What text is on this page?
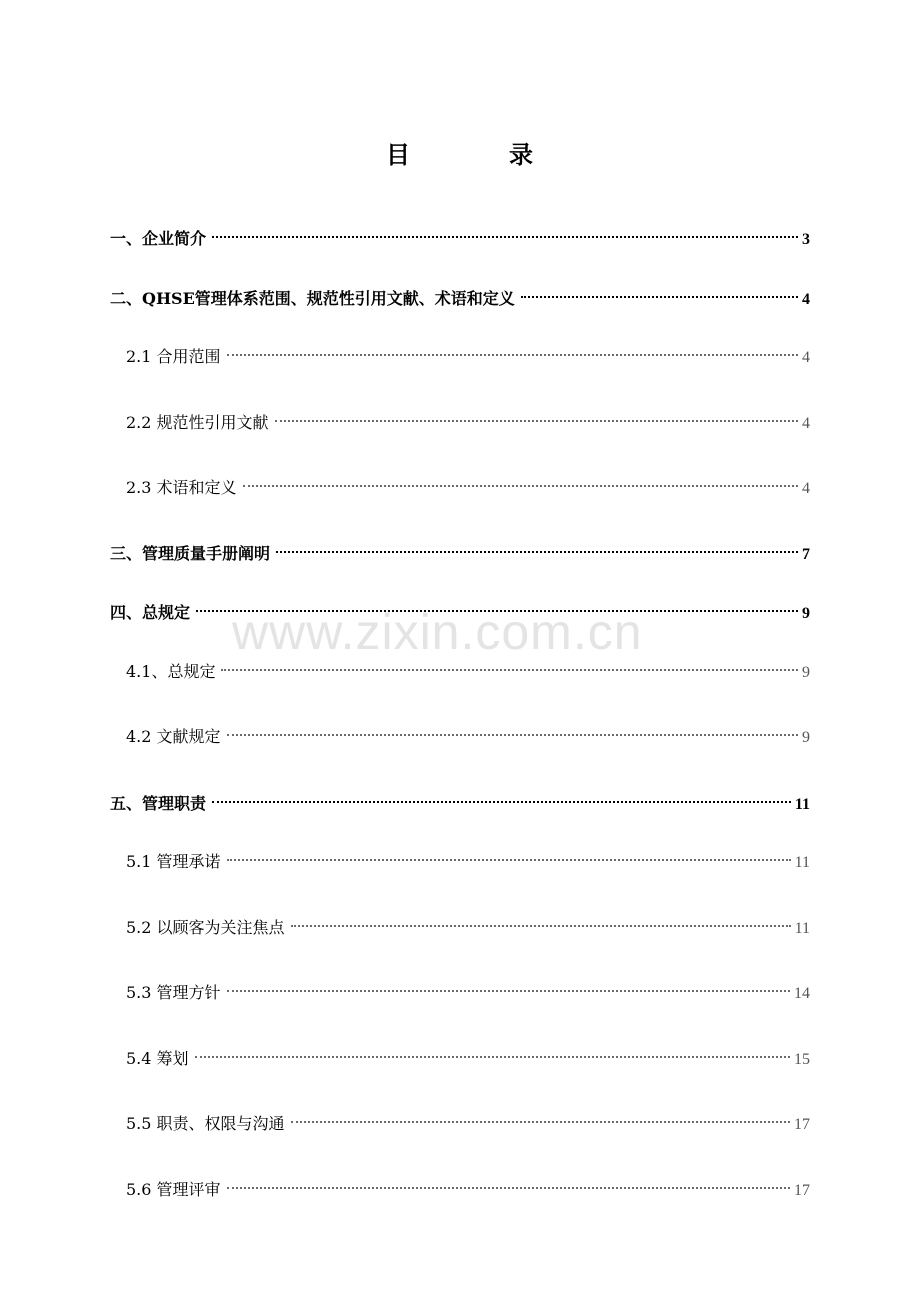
目	录
www.zixin.com.cn
一、企业简介	3
二、QHSE管理体系范围、规范性引用文献、术语和定义	4
2.1 合用范围	4
2.2 规范性引用文献	4
2.3 术语和定义	4
三、管理质量手册阐明	7
四、总规定	9
4.1、总规定	9
4.2 文献规定	9
五、管理职责	11
5.1 管理承诺	11
5.2 以顾客为关注焦点	11
5.3 管理方针	14
5.4 筹划	15
5.5 职责、权限与沟通	17
5.6 管理评审	17
